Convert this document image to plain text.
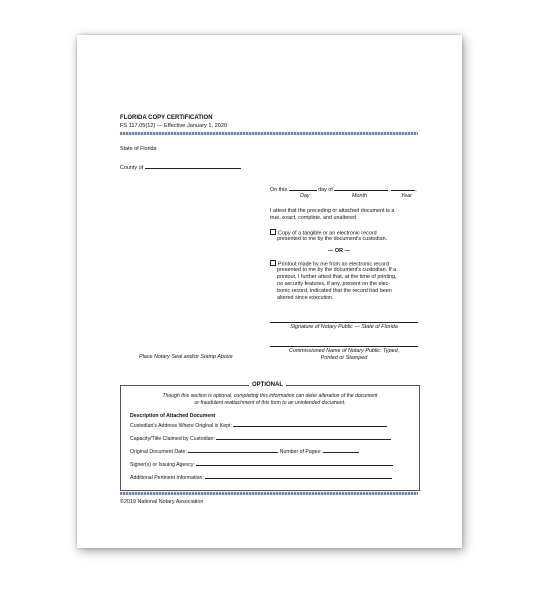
FLORIDA COPY CERTIFICATION
FS 117.05(12) — Effective January 1, 2020
State of Florida
County of
On this	day of	,	,
Day	Month	Year
I attest that the preceding or attached document is a
true, exact, complete, and unaltered
Copy of a tangible or an electronic record
presented to me by the document's custodian.
— OR —
Printout made by me from an electronic record
presented to me by the document's custodian. If a
printout, I further attest that, at the time of printing,
no security features, if any, present on the elec-
tronic record, indicated that the record had been
altered since execution.
Signature of Notary Public — State of Florida
Commissioned Name of Notary Public: Typed,
Printed or Stamped
Place Notary Seal and/or Stamp Above
OPTIONAL
Though this section is optional, completing this information can deter alteration of the document
or fraudulent reattachment of this form to an unintended document.
Description of Attached Document
Custodian's Address Where Original is Kept:
Capacity/Title Claimed by Custodian:
Original Document Date:	Number of Pages:
Signer(s) or Issuing Agency:
Additional Pertinent Information:
©2019 National Notary Association
